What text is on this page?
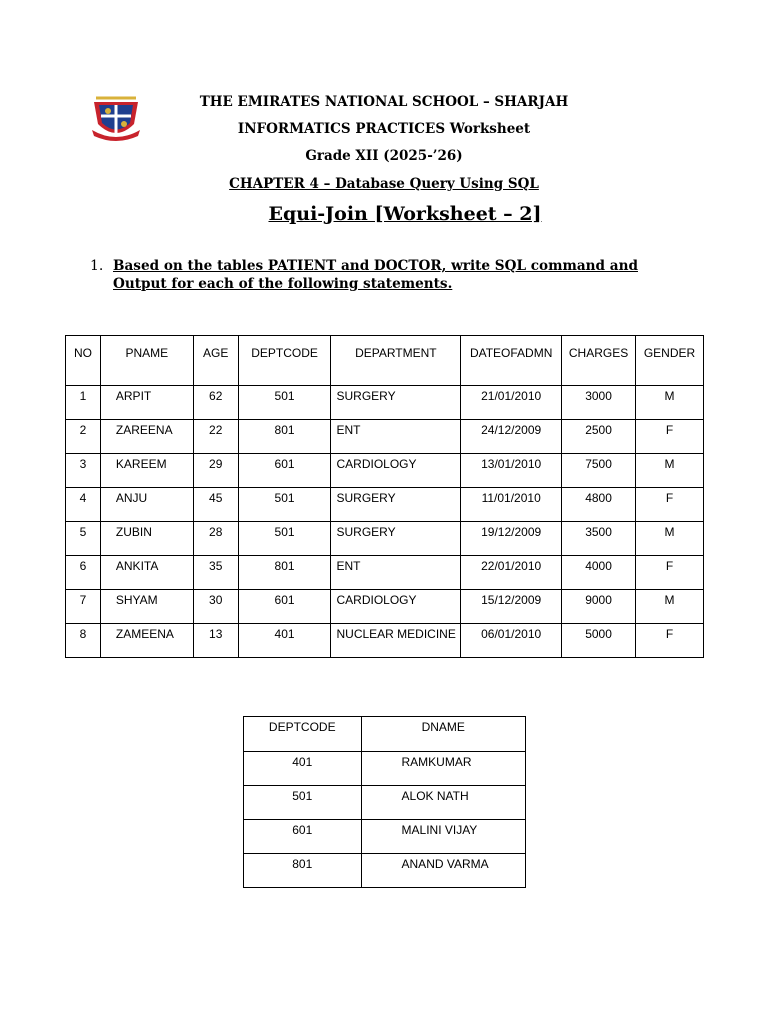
THE EMIRATES NATIONAL SCHOOL – SHARJAH

INFORMATICS PRACTICES Worksheet

Grade XII (2025-’26)

CHAPTER 4 – Database Query Using SQL

Equi-Join [Worksheet – 2]

1. Based on the tables PATIENT and DOCTOR, write SQL command and Output for each of the following statements.

NO	PNAME	AGE	DEPTCODE	DEPARTMENT	DATEOFADMN	CHARGES	GENDER
1	ARPIT	62	501	SURGERY	21/01/2010	3000	M
2	ZAREENA	22	801	ENT	24/12/2009	2500	F
3	KAREEM	29	601	CARDIOLOGY	13/01/2010	7500	M
4	ANJU	45	501	SURGERY	11/01/2010	4800	F
5	ZUBIN	28	501	SURGERY	19/12/2009	3500	M
6	ANKITA	35	801	ENT	22/01/2010	4000	F
7	SHYAM	30	601	CARDIOLOGY	15/12/2009	9000	M
8	ZAMEENA	13	401	NUCLEAR MEDICINE	06/01/2010	5000	F
DEPTCODE	DNAME
401	RAMKUMAR
501	ALOK NATH
601	MALINI VIJAY
801	ANAND VARMA
